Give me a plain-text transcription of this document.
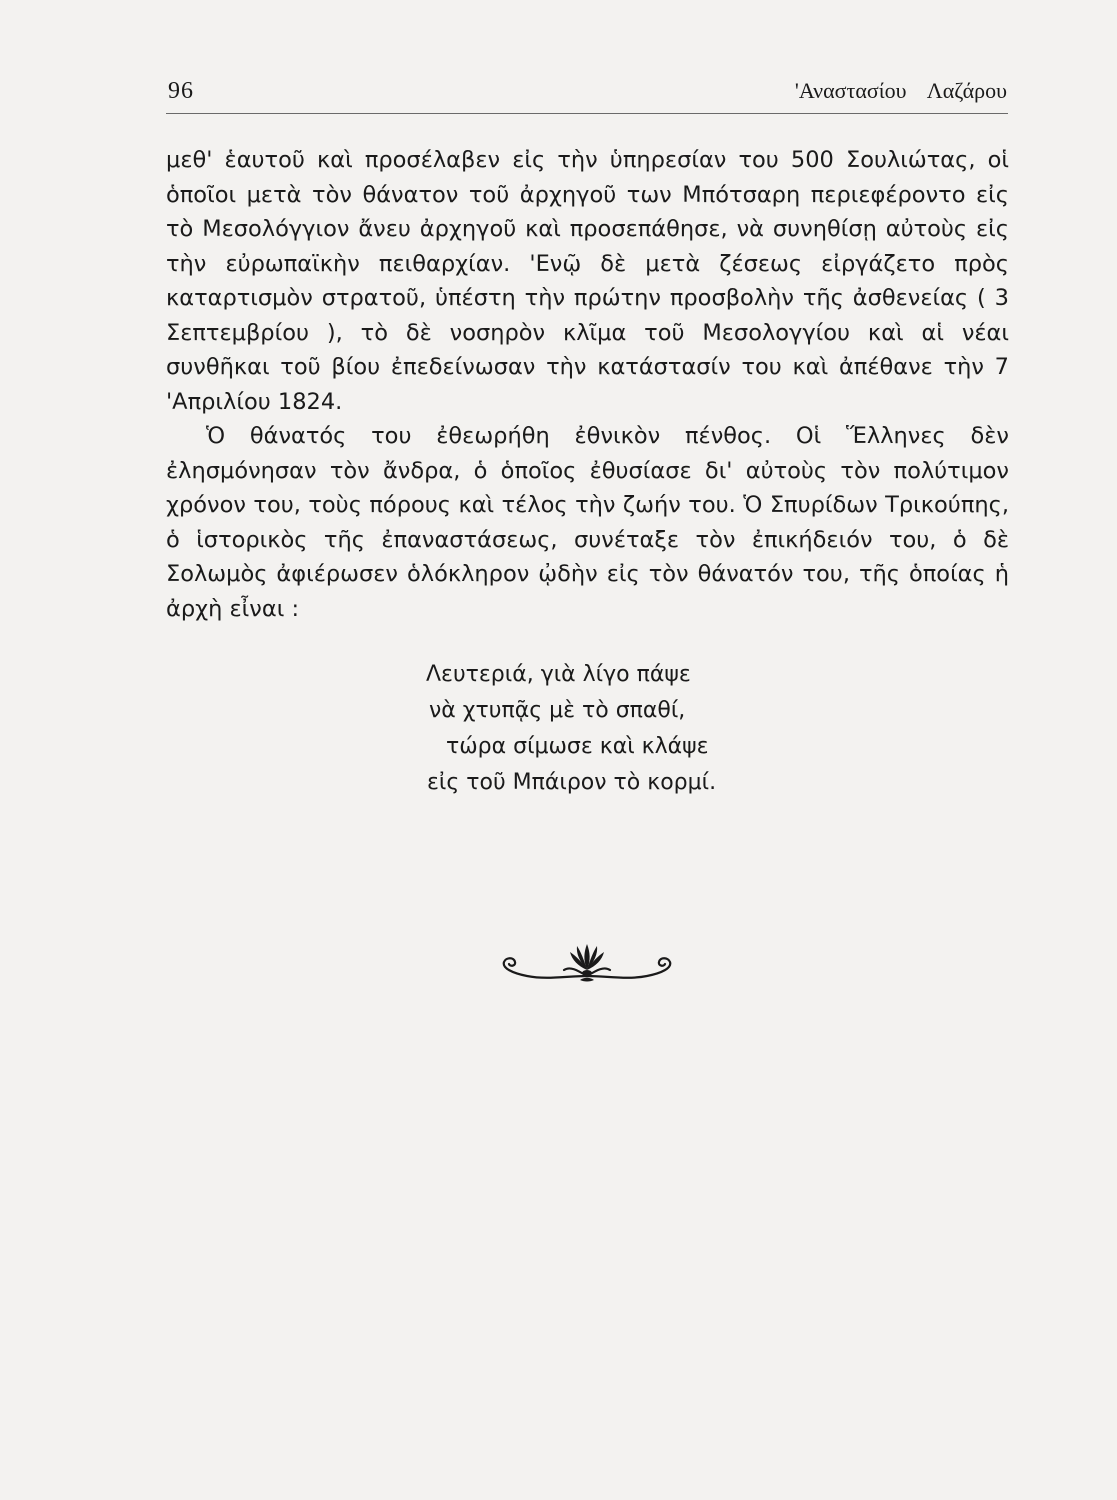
96	'Αναστασίου Λαζάρου

μεθ' ἑαυτοῦ καὶ προσέλαβεν εἰς τὴν ὑπηρεσίαν του 500 Σουλιώτας, οἱ ὁποῖοι μετὰ τὸν θάνατον τοῦ ἀρχηγοῦ των Μπότσαρη περιεφέροντο εἰς τὸ Μεσολόγγιον ἄνευ ἀρχηγοῦ καὶ προσεπάθησε, νὰ συνηθίσῃ αὐτοὺς εἰς τὴν εὐρωπαϊκὴν πειθαρχίαν. 'Ενῷ δὲ μετὰ ζέσεως εἰργάζετο πρὸς καταρτισμὸν στρατοῦ, ὑπέστη τὴν πρώτην προσβολὴν τῆς ἀσθενείας ( 3 Σεπτεμβρίου ), τὸ δὲ νοσηρὸν κλῖμα τοῦ Μεσολογγίου καὶ αἱ νέαι συνθῆκαι τοῦ βίου ἐπεδείνωσαν τὴν κατάστασίν του καὶ ἀπέθανε τὴν 7 'Απριλίου 1824.

Ὁ θάνατός του ἐθεωρήθη ἐθνικὸν πένθος. Οἱ Ἕλληνες δὲν ἐλησμόνησαν τὸν ἄνδρα, ὁ ὁποῖος ἐθυσίασε δι' αὐτοὺς τὸν πολύτιμον χρόνον του, τοὺς πόρους καὶ τέλος τὴν ζωήν του. Ὁ Σπυρίδων Τρικούπης, ὁ ἱστορικὸς τῆς ἐπαναστάσεως, συνέταξε τὸν ἐπικήδειόν του, ὁ δὲ Σολωμὸς ἀφιέρωσεν ὁλόκληρον ᾠδὴν εἰς τὸν θάνατόν του, τῆς ὁποίας ἡ ἀρχὴ εἶναι :

Λευτεριά, γιὰ λίγο πάψε
νὰ χτυπᾷς μὲ τὸ σπαθί,
τώρα σίμωσε καὶ κλάψε
εἰς τοῦ Μπάιρον τὸ κορμί.
